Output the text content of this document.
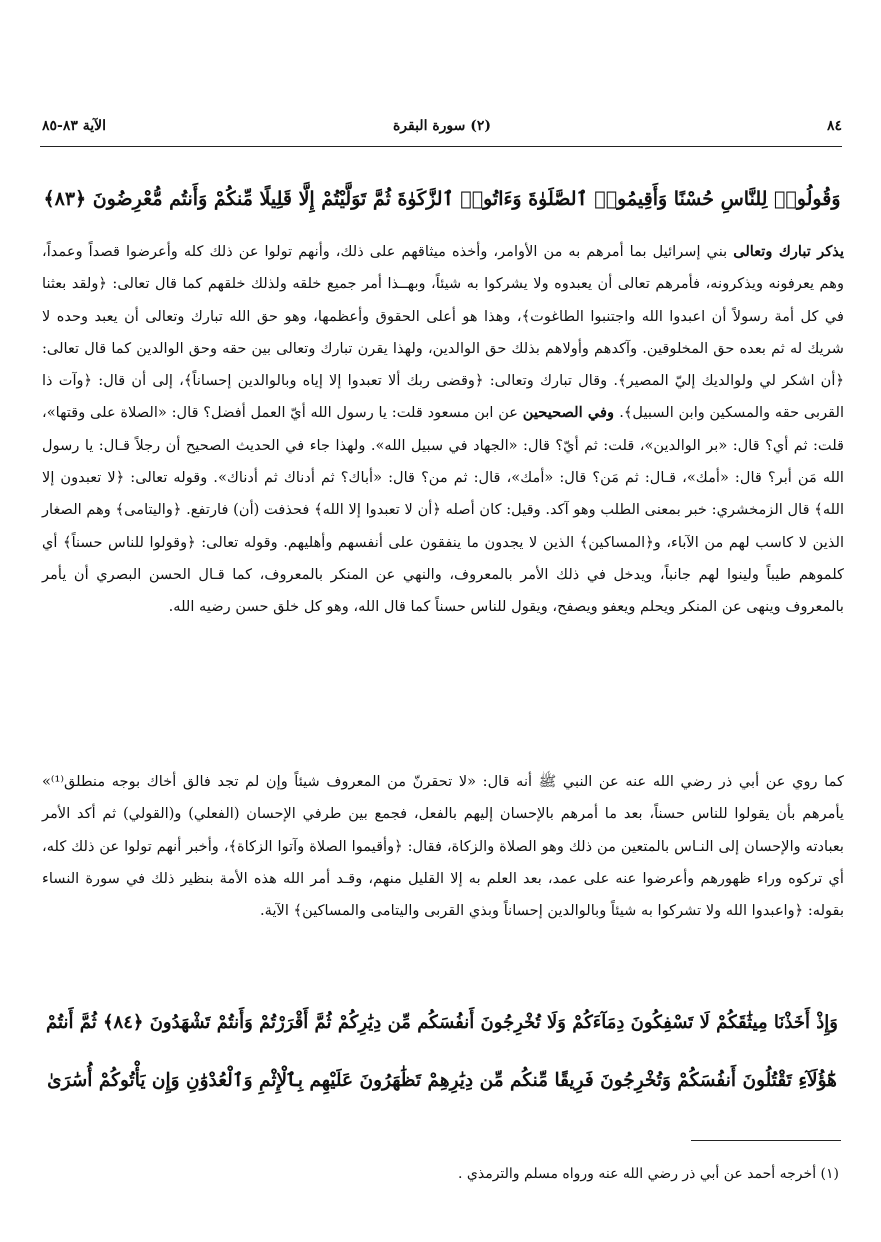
٨٤
(٢) سورة البقرة
الآية ٨٣-٨٥
وَقُولُوا۟ لِلنَّاسِ حُسْنًا وَأَقِيمُوا۟ ٱلصَّلَوٰةَ وَءَاتُوا۟ ٱلزَّكَوٰةَ ثُمَّ تَوَلَّيْتُمْ إِلَّا قَلِيلًا مِّنكُمْ وَأَنتُم مُّعْرِضُونَ ﴿٨٣﴾

يذكر تبارك وتعالى بني إسرائيل بما أمرهم به من الأوامر، وأخذه ميثاقهم على ذلك، وأنهم تولوا عن ذلك كله وأعرضوا قصداً وعمداً، وهم يعرفونه ويذكرونه، فأمرهم تعالى أن يعبدوه ولا يشركوا به شيئاً، وبهــذا أمر جميع خلقه ولذلك خلقهم كما قال تعالى: ﴿ولقد بعثنا في كل أمة رسولاً أن اعبدوا الله واجتنبوا الطاغوت﴾، وهذا هو أعلى الحقوق وأعظمها، وهو حق الله تبارك وتعالى أن يعبد وحده لا شريك له ثم بعده حق المخلوقين. وآكدهم وأولاهم بذلك حق الوالدين، ولهذا يقرن تبارك وتعالى بين حقه وحق الوالدين كما قال تعالى: ﴿أن اشكر لي ولوالديك إليّ المصير﴾. وقال تبارك وتعالى: ﴿وقضى ربك ألا تعبدوا إلا إياه وبالوالدين إحساناً﴾، إلى أن قال: ﴿وآت ذا القربى حقه والمسكين وابن السبيل﴾. وفي الصحيحين عن ابن مسعود قلت: يا رسول الله أيّ العمل أفضل؟ قال: «الصلاة على وقتها»، قلت: ثم أي؟ قال: «بر الوالدين»، قلت: ثم أيّ؟ قال: «الجهاد في سبيل الله». ولهذا جاء في الحديث الصحيح أن رجلاً قـال: يا رسول الله مَن أبر؟ قال: «أمك»، قـال: ثم مَن؟ قال: «أمك»، قال: ثم من؟ قال: «أباك؟ ثم أدناك ثم أدناك». وقوله تعالى: ﴿لا تعبدون إلا الله﴾ قال الزمخشري: خبر بمعنى الطلب وهو آكد. وقيل: كان أصله ﴿أن لا تعبدوا إلا الله﴾ فحذفت (أن) فارتفع. ﴿واليتامى﴾ وهم الصغار الذين لا كاسب لهم من الآباء، و﴿المساكين﴾ الذين لا يجدون ما ينفقون على أنفسهم وأهليهم. وقوله تعالى: ﴿وقولوا للناس حسناً﴾ أي كلموهم طيباً ولينوا لهم جانباً، ويدخل في ذلك الأمر بالمعروف، والنهي عن المنكر بالمعروف، كما قـال الحسن البصري أن يأمر بالمعروف وينهى عن المنكر ويحلم ويعفو ويصفح، ويقول للناس حسناً كما قال الله، وهو كل خلق حسن رضيه الله.

كما روي عن أبي ذر رضي الله عنه عن النبي ﷺ أنه قال: «لا تحقرنّ من المعروف شيئاً وإن لم تجد فالق أخاك بوجه منطلق⁽¹⁾» يأمرهم بأن يقولوا للناس حسناً، بعد ما أمرهم بالإحسان إليهم بالفعل، فجمع بين طرفي الإحسان (الفعلي) و(القولي) ثم أكد الأمر بعبادته والإحسان إلى النـاس بالمتعين من ذلك وهو الصلاة والزكاة، فقال: ﴿وأقيموا الصلاة وآتوا الزكاة﴾، وأخبر أنهم تولوا عن ذلك كله، أي تركوه وراء ظهورهم وأعرضوا عنه على عمد، بعد العلم به إلا القليل منهم، وقـد أمر الله هذه الأمة بنظير ذلك في سورة النساء بقوله: ﴿واعبدوا الله ولا تشركوا به شيئاً وبالوالدين إحساناً وبذي القربى واليتامى والمساكين﴾ الآية.

وَإِذْ أَخَذْنَا مِيثَٰقَكُمْ لَا تَسْفِكُونَ دِمَآءَكُمْ وَلَا تُخْرِجُونَ أَنفُسَكُم مِّن دِيَٰرِكُمْ ثُمَّ أَقْرَرْتُمْ وَأَنتُمْ تَشْهَدُونَ ﴿٨٤﴾ ثُمَّ أَنتُمْ
هَٰٓؤُلَآءِ تَقْتُلُونَ أَنفُسَكُمْ وَتُخْرِجُونَ فَرِيقًا مِّنكُم مِّن دِيَٰرِهِمْ تَظَٰهَرُونَ عَلَيْهِم بِٱلْإِثْمِ وَٱلْعُدْوَٰنِ وَإِن يَأْتُوكُمْ أُسَٰرَىٰ
(١) أخرجه أحمد عن أبي ذر رضي الله عنه ورواه مسلم والترمذي .
